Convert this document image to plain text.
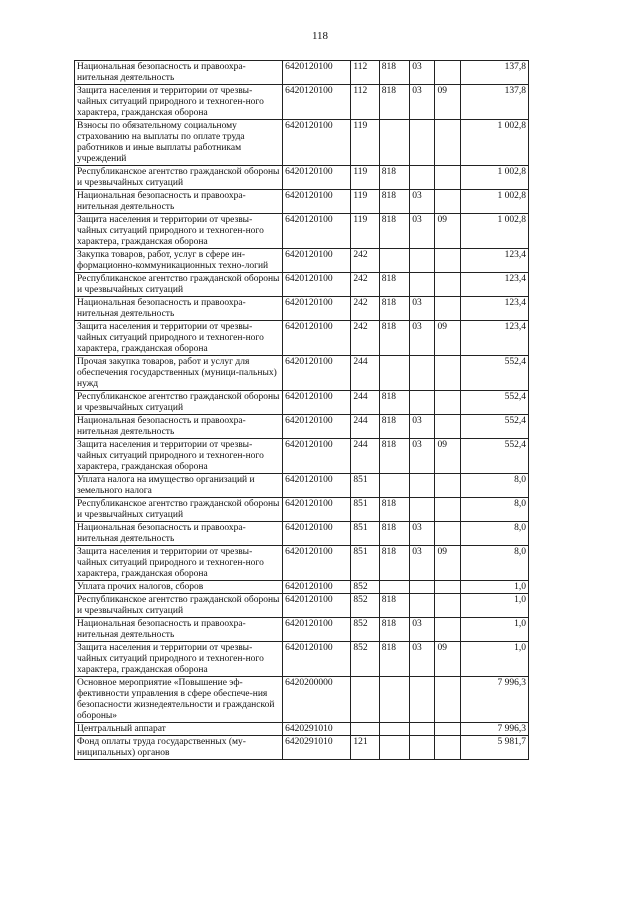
118
Национальная безопасность и правоохра-нительная деятельность	6420120100	112	818	03		137,8
Защита населения и территории от чрезвы-чайных ситуаций природного и техноген-ного характера, гражданская оборона	6420120100	112	818	03	09	137,8
Взносы по обязательному социальному страхованию на выплаты по оплате труда работников и иные выплаты работникам учреждений	6420120100	119				1 002,8
Республиканское агентство гражданской обороны и чрезвычайных ситуаций	6420120100	119	818			1 002,8
Национальная безопасность и правоохра-нительная деятельность	6420120100	119	818	03		1 002,8
Защита населения и территории от чрезвы-чайных ситуаций природного и техноген-ного характера, гражданская оборона	6420120100	119	818	03	09	1 002,8
Закупка товаров, работ, услуг в сфере ин-формационно-коммуникационных техно-логий	6420120100	242				123,4
Республиканское агентство гражданской обороны и чрезвычайных ситуаций	6420120100	242	818			123,4
Национальная безопасность и правоохра-нительная деятельность	6420120100	242	818	03		123,4
Защита населения и территории от чрезвы-чайных ситуаций природного и техноген-ного характера, гражданская оборона	6420120100	242	818	03	09	123,4
Прочая закупка товаров, работ и услуг для обеспечения государственных (муници-пальных) нужд	6420120100	244				552,4
Республиканское агентство гражданской обороны и чрезвычайных ситуаций	6420120100	244	818			552,4
Национальная безопасность и правоохра-нительная деятельность	6420120100	244	818	03		552,4
Защита населения и территории от чрезвы-чайных ситуаций природного и техноген-ного характера, гражданская оборона	6420120100	244	818	03	09	552,4
Уплата налога на имущество организаций и земельного налога	6420120100	851				8,0
Республиканское агентство гражданской обороны и чрезвычайных ситуаций	6420120100	851	818			8,0
Национальная безопасность и правоохра-нительная деятельность	6420120100	851	818	03		8,0
Защита населения и территории от чрезвы-чайных ситуаций природного и техноген-ного характера, гражданская оборона	6420120100	851	818	03	09	8,0
Уплата прочих налогов, сборов	6420120100	852				1,0
Республиканское агентство гражданской обороны и чрезвычайных ситуаций	6420120100	852	818			1,0
Национальная безопасность и правоохра-нительная деятельность	6420120100	852	818	03		1,0
Защита населения и территории от чрезвы-чайных ситуаций природного и техноген-ного характера, гражданская оборона	6420120100	852	818	03	09	1,0
Основное мероприятие «Повышение эф-фективности управления в сфере обеспече-ния безопасности жизнедеятельности и гражданской обороны»	6420200000					7 996,3
Центральный аппарат	6420291010					7 996,3
Фонд оплаты труда государственных (му-ниципальных) органов	6420291010	121				5 981,7
